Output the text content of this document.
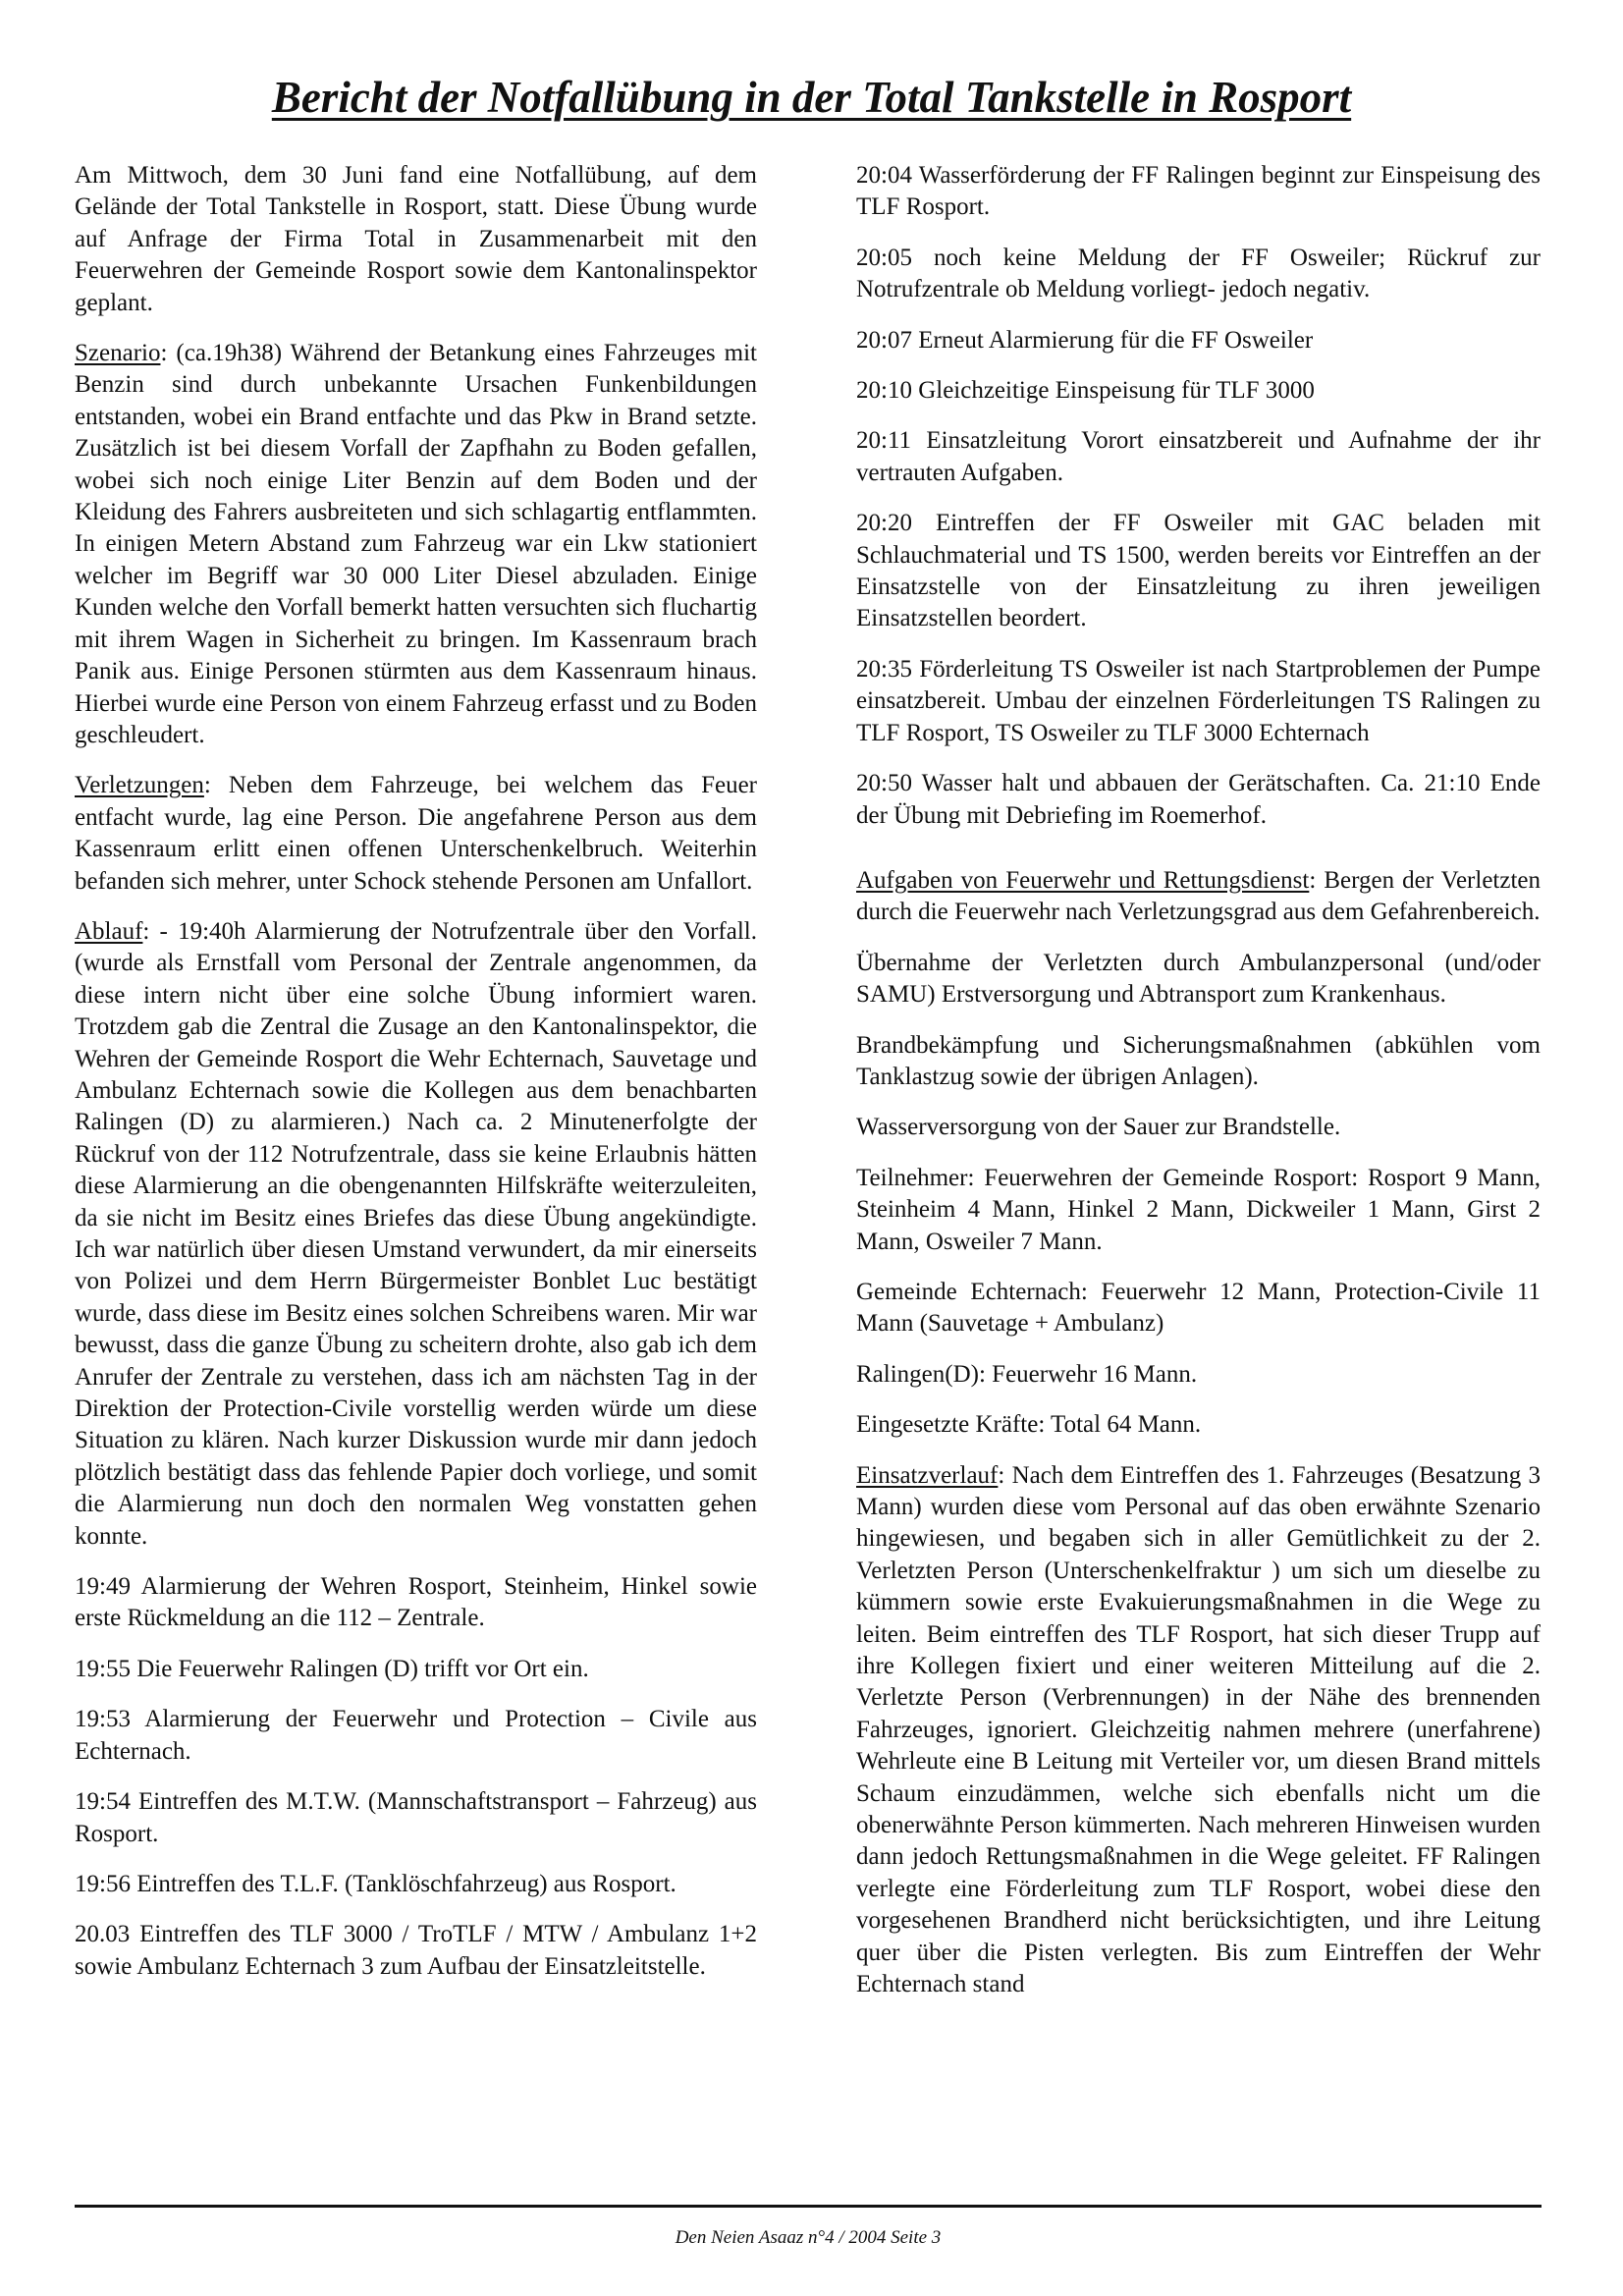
Bericht der Notfallübung in der Total Tankstelle in Rosport

Am Mittwoch, dem 30 Juni fand eine Notfallübung, auf dem Gelände der Total Tankstelle in Rosport, statt. Diese Übung wurde auf Anfrage der Firma Total in Zusammenarbeit mit den Feuerwehren der Gemeinde Rosport sowie dem Kantonalinspektor geplant.

Szenario: (ca.19h38) Während der Betankung eines Fahrzeuges mit Benzin sind durch unbekannte Ursachen Funkenbildungen entstanden, wobei ein Brand entfachte und das Pkw in Brand setzte. Zusätzlich ist bei diesem Vorfall der Zapfhahn zu Boden gefallen, wobei sich noch einige Liter Benzin auf dem Boden und der Kleidung des Fahrers ausbreiteten und sich schlagartig entflammten. In einigen Metern Abstand zum Fahrzeug war ein Lkw stationiert welcher im Begriff war 30 000 Liter Diesel abzuladen. Einige Kunden welche den Vorfall bemerkt hatten versuchten sich fluchartig mit ihrem Wagen in Sicherheit zu bringen. Im Kassenraum brach Panik aus. Einige Personen stürmten aus dem Kassenraum hinaus. Hierbei wurde eine Person von einem Fahrzeug erfasst und zu Boden geschleudert.

Verletzungen: Neben dem Fahrzeuge, bei welchem das Feuer entfacht wurde, lag eine Person. Die angefahrene Person aus dem Kassenraum erlitt einen offenen Unterschenkelbruch. Weiterhin befanden sich mehrer, unter Schock stehende Personen am Unfallort.

Ablauf: - 19:40h Alarmierung der Notrufzentrale über den Vorfall. (wurde als Ernstfall vom Personal der Zentrale angenommen, da diese intern nicht über eine solche Übung informiert waren. Trotzdem gab die Zentral die Zusage an den Kantonalinspektor, die Wehren der Gemeinde Rosport die Wehr Echternach, Sauvetage und Ambulanz Echternach sowie die Kollegen aus dem benachbarten Ralingen (D) zu alarmieren.) Nach ca. 2 Minutenerfolgte der Rückruf von der 112 Notrufzentrale, dass sie keine Erlaubnis hätten diese Alarmierung an die obengenannten Hilfskräfte weiterzuleiten, da sie nicht im Besitz eines Briefes das diese Übung angekündigte. Ich war natürlich über diesen Umstand verwundert, da mir einerseits von Polizei und dem Herrn Bürgermeister Bonblet Luc bestätigt wurde, dass diese im Besitz eines solchen Schreibens waren. Mir war bewusst, dass die ganze Übung zu scheitern drohte, also gab ich dem Anrufer der Zentrale zu verstehen, dass ich am nächsten Tag in der Direktion der Protection-Civile vorstellig werden würde um diese Situation zu klären. Nach kurzer Diskussion wurde mir dann jedoch plötzlich bestätigt dass das fehlende Papier doch vorliege, und somit die Alarmierung nun doch den normalen Weg vonstatten gehen konnte.

19:49 Alarmierung der Wehren Rosport, Steinheim, Hinkel sowie erste Rückmeldung an die 112 – Zentrale.

19:55 Die Feuerwehr Ralingen (D) trifft vor Ort ein.

19:53 Alarmierung der Feuerwehr und Protection – Civile aus Echternach.

19:54 Eintreffen des M.T.W. (Mannschaftstransport – Fahrzeug) aus Rosport.

19:56 Eintreffen des T.L.F. (Tanklöschfahrzeug) aus Rosport.

20.03 Eintreffen des TLF 3000 / TroTLF / MTW / Ambulanz 1+2 sowie Ambulanz Echternach 3 zum Aufbau der Einsatzleitstelle.

20:04 Wasserförderung der FF Ralingen beginnt zur Einspeisung des TLF Rosport.

20:05 noch keine Meldung der FF Osweiler; Rückruf zur Notrufzentrale ob Meldung vorliegt- jedoch negativ.

20:07 Erneut Alarmierung für die FF Osweiler

20:10 Gleichzeitige Einspeisung für TLF 3000

20:11 Einsatzleitung Vorort einsatzbereit und Aufnahme der ihr vertrauten Aufgaben.

20:20 Eintreffen der FF Osweiler mit GAC beladen mit Schlauchmaterial und TS 1500, werden bereits vor Eintreffen an der Einsatzstelle von der Einsatzleitung zu ihren jeweiligen Einsatzstellen beordert.

20:35 Förderleitung TS Osweiler ist nach Startproblemen der Pumpe einsatzbereit. Umbau der einzelnen Förderleitungen TS Ralingen zu TLF Rosport, TS Osweiler zu TLF 3000 Echternach

20:50 Wasser halt und abbauen der Gerätschaften. Ca. 21:10 Ende der Übung mit Debriefing im Roemerhof.

Aufgaben von Feuerwehr und Rettungsdienst: Bergen der Verletzten durch die Feuerwehr nach Verletzungsgrad aus dem Gefahrenbereich.

Übernahme der Verletzten durch Ambulanzpersonal (und/oder SAMU) Erstversorgung und Abtransport zum Krankenhaus.

Brandbekämpfung und Sicherungsmaßnahmen (abkühlen vom Tanklastzug sowie der übrigen Anlagen).

Wasserversorgung von der Sauer zur Brandstelle.

Teilnehmer: Feuerwehren der Gemeinde Rosport: Rosport 9 Mann, Steinheim 4 Mann, Hinkel 2 Mann, Dickweiler 1 Mann, Girst 2 Mann, Osweiler 7 Mann.

Gemeinde Echternach: Feuerwehr 12 Mann, Protection-Civile 11 Mann (Sauvetage + Ambulanz)

Ralingen(D): Feuerwehr 16 Mann.

Eingesetzte Kräfte: Total 64 Mann.

Einsatzverlauf: Nach dem Eintreffen des 1. Fahrzeuges (Besatzung 3 Mann) wurden diese vom Personal auf das oben erwähnte Szenario hingewiesen, und begaben sich in aller Gemütlichkeit zu der 2. Verletzten Person (Unterschenkelfraktur ) um sich um dieselbe zu kümmern sowie erste Evakuierungsmaßnahmen in die Wege zu leiten. Beim eintreffen des TLF Rosport, hat sich dieser Trupp auf ihre Kollegen fixiert und einer weiteren Mitteilung auf die 2. Verletzte Person (Verbrennungen) in der Nähe des brennenden Fahrzeuges, ignoriert. Gleichzeitig nahmen mehrere (unerfahrene) Wehrleute eine B Leitung mit Verteiler vor, um diesen Brand mittels Schaum einzudämmen, welche sich ebenfalls nicht um die obenerwähnte Person kümmerten. Nach mehreren Hinweisen wurden dann jedoch Rettungsmaßnahmen in die Wege geleitet. FF Ralingen verlegte eine Förderleitung zum TLF Rosport, wobei diese den vorgesehenen Brandherd nicht berücksichtigten, und ihre Leitung quer über die Pisten verlegten. Bis zum Eintreffen der Wehr Echternach stand

Den Neien Asaaz n°4 / 2004 Seite 3
